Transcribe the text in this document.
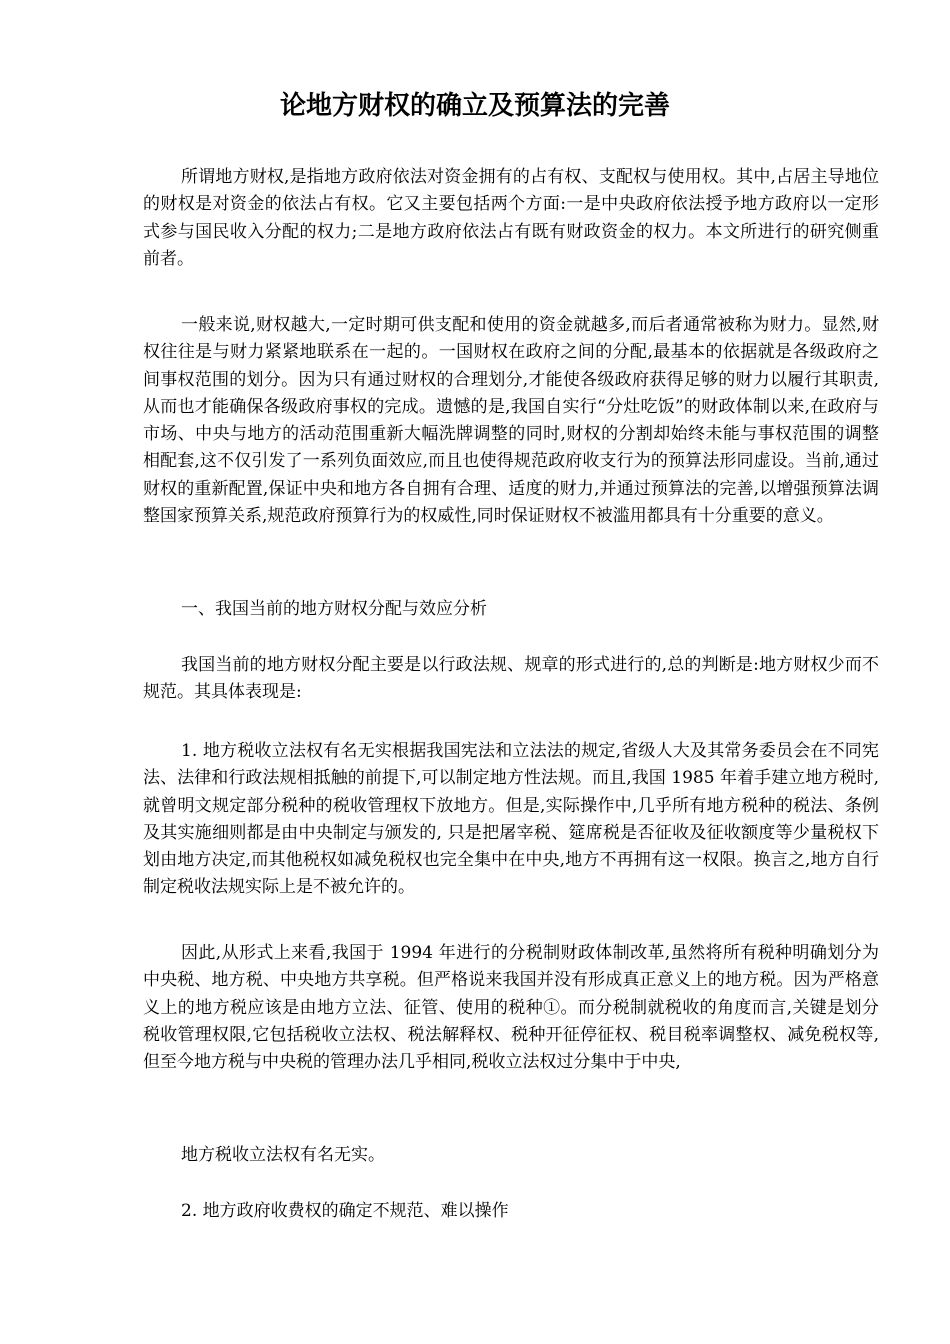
论地方财权的确立及预算法的完善

所谓地方财权,是指地方政府依法对资金拥有的占有权、支配权与使用权。其中,占居主导地位的财权是对资金的依法占有权。它又主要包括两个方面:一是中央政府依法授予地方政府以一定形式参与国民收入分配的权力;二是地方政府依法占有既有财政资金的权力。本文所进行的研究侧重前者。

一般来说,财权越大,一定时期可供支配和使用的资金就越多,而后者通常被称为财力。显然,财权往往是与财力紧紧地联系在一起的。一国财权在政府之间的分配,最基本的依据就是各级政府之间事权范围的划分。因为只有通过财权的合理划分,才能使各级政府获得足够的财力以履行其职责,从而也才能确保各级政府事权的完成。遗憾的是,我国自实行“分灶吃饭”的财政体制以来,在政府与市场、中央与地方的活动范围重新大幅洗牌调整的同时,财权的分割却始终未能与事权范围的调整相配套,这不仅引发了一系列负面效应,而且也使得规范政府收支行为的预算法形同虚设。当前,通过财权的重新配置,保证中央和地方各自拥有合理、适度的财力,并通过预算法的完善,以增强预算法调整国家预算关系,规范政府预算行为的权威性,同时保证财权不被滥用都具有十分重要的意义。

一、我国当前的地方财权分配与效应分析

我国当前的地方财权分配主要是以行政法规、规章的形式进行的,总的判断是:地方财权少而不规范。其具体表现是:

1. 地方税收立法权有名无实根据我国宪法和立法法的规定,省级人大及其常务委员会在不同宪法、法律和行政法规相抵触的前提下,可以制定地方性法规。而且,我国 1985 年着手建立地方税时,就曾明文规定部分税种的税收管理权下放地方。但是,实际操作中,几乎所有地方税种的税法、条例及其实施细则都是由中央制定与颁发的, 只是把屠宰税、筵席税是否征收及征收额度等少量税权下划由地方决定,而其他税权如减免税权也完全集中在中央,地方不再拥有这一权限。换言之,地方自行制定税收法规实际上是不被允许的。

因此,从形式上来看,我国于 1994 年进行的分税制财政体制改革,虽然将所有税种明确划分为中央税、地方税、中央地方共享税。但严格说来我国并没有形成真正意义上的地方税。因为严格意义上的地方税应该是由地方立法、征管、使用的税种①。而分税制就税收的角度而言,关键是划分税收管理权限,它包括税收立法权、税法解释权、税种开征停征权、税目税率调整权、减免税权等,但至今地方税与中央税的管理办法几乎相同,税收立法权过分集中于中央,

地方税收立法权有名无实。

2. 地方政府收费权的确定不规范、难以操作
